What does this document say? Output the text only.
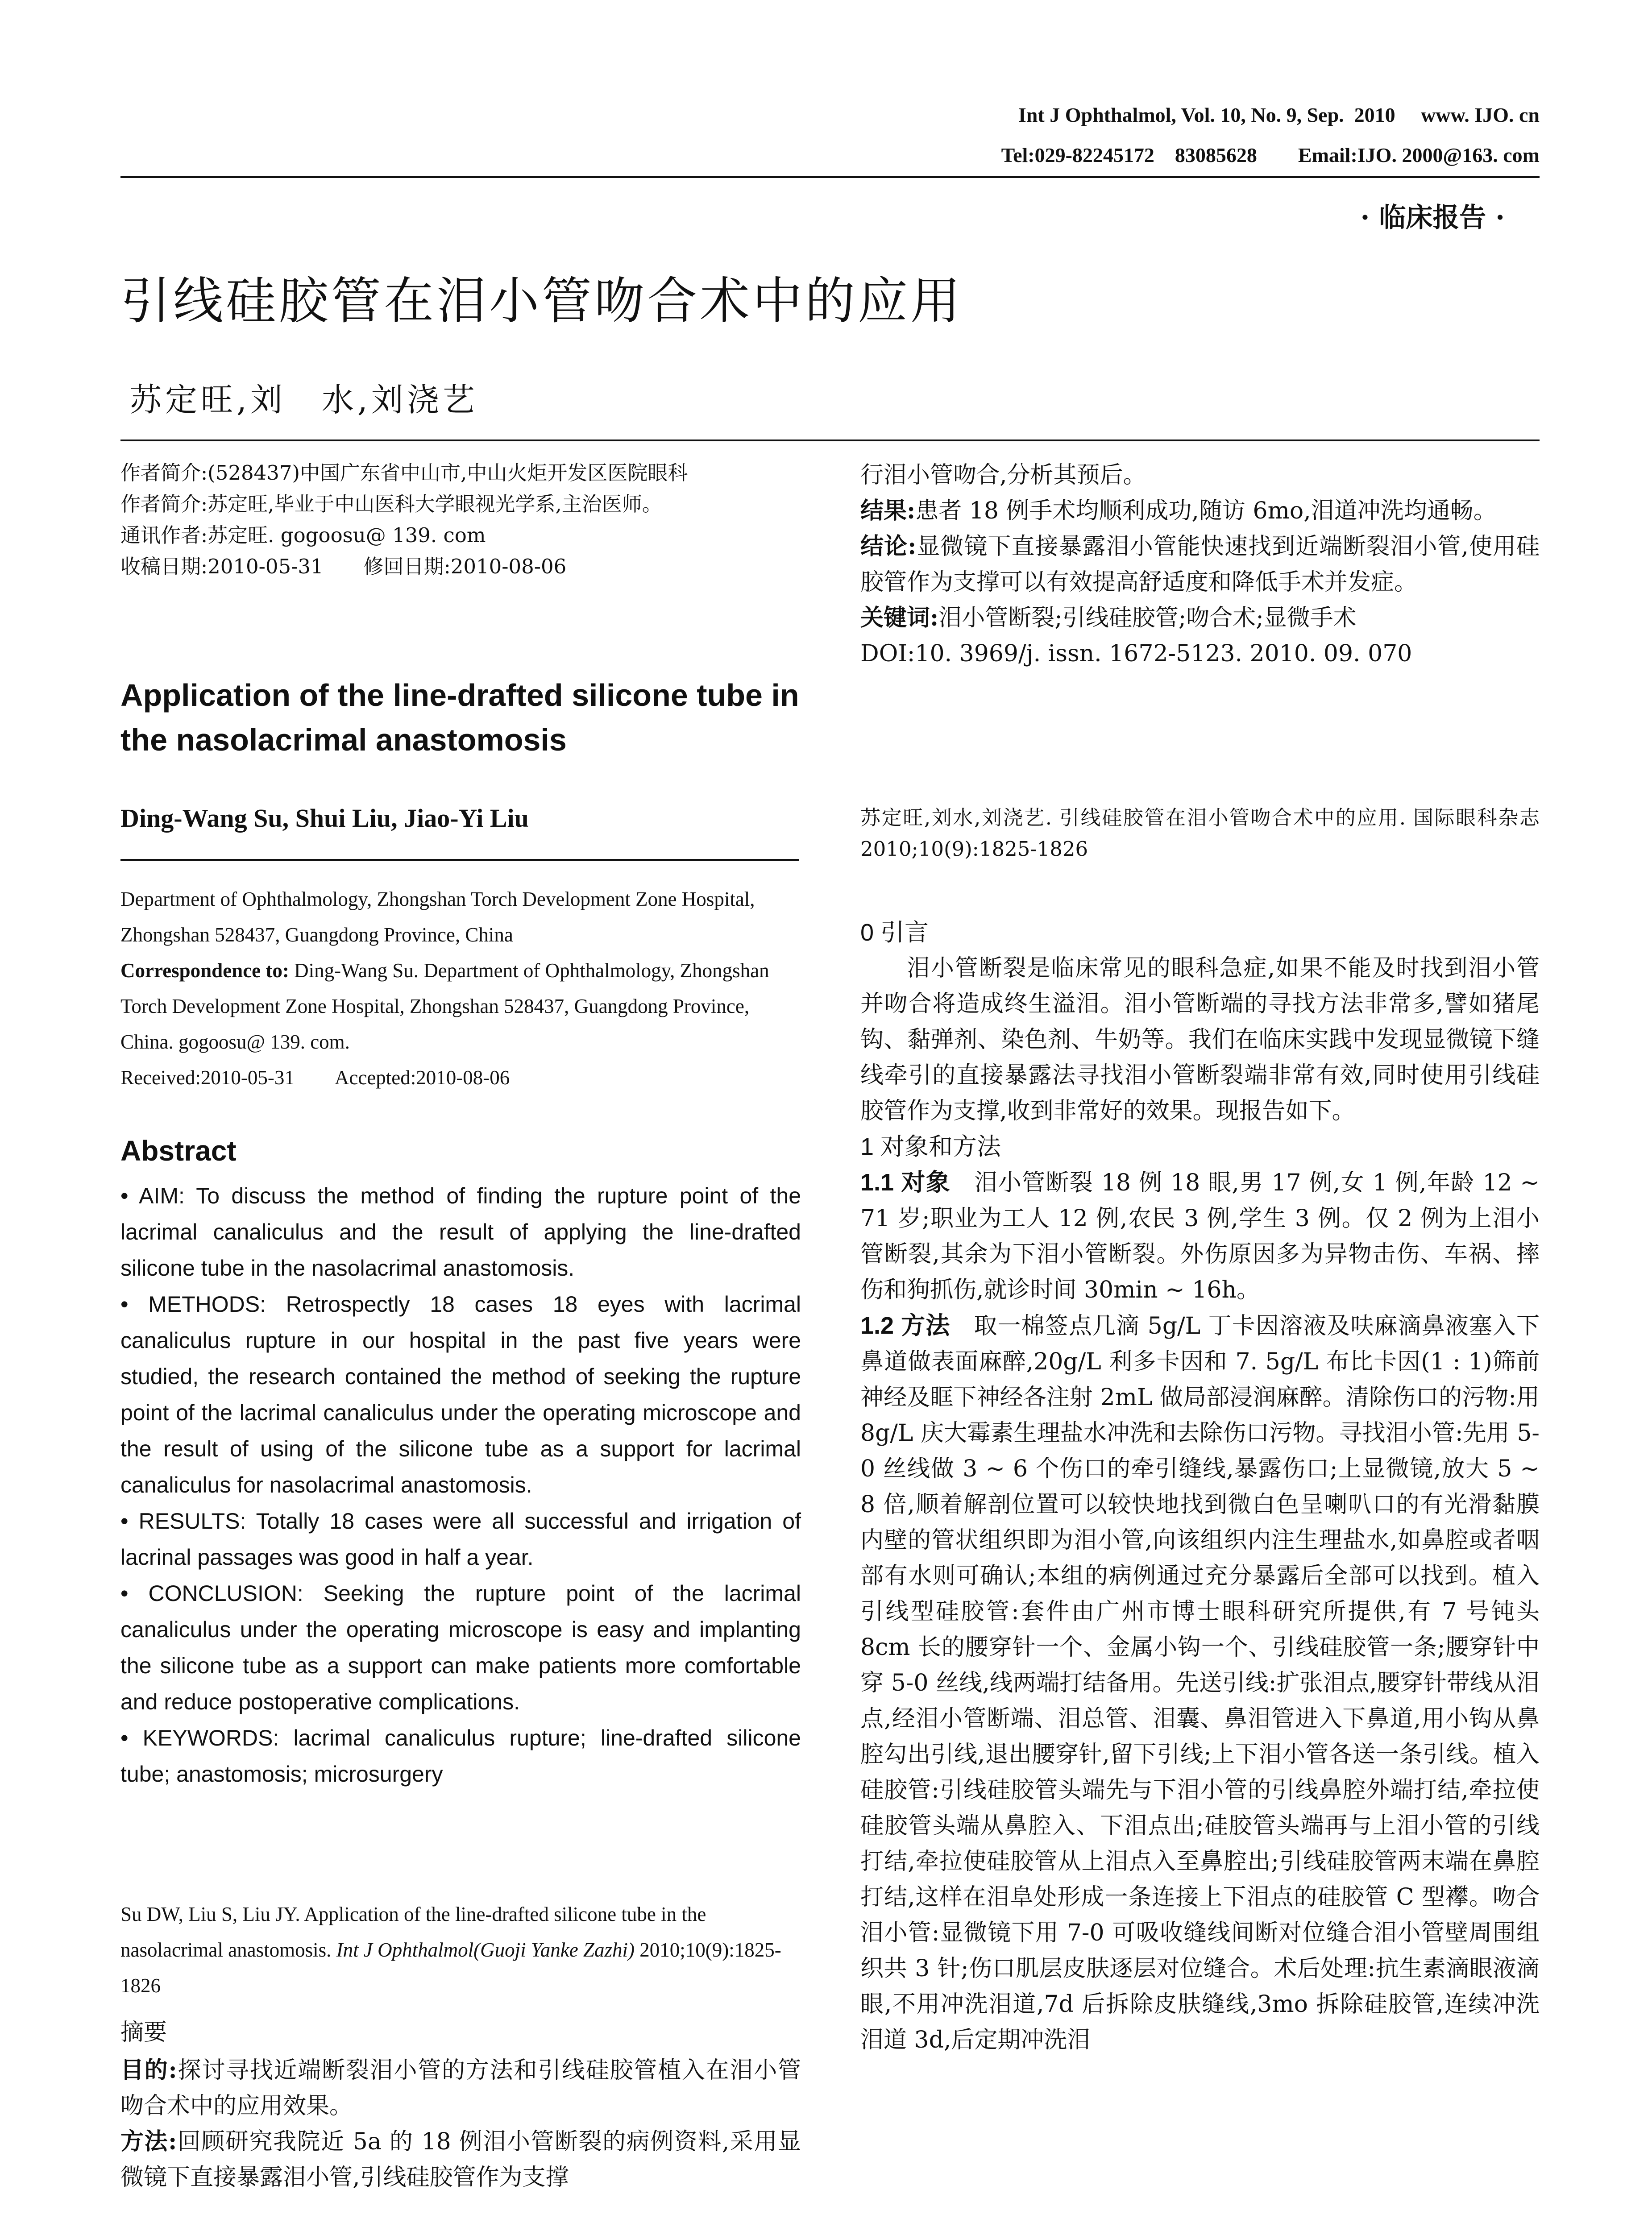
Int J Ophthalmol, Vol. 10, No. 9, Sep.  2010     www. IJO. cn
Tel:029-82245172    83085628        Email:IJO. 2000@163. com
· 临床报告 ·
引线硅胶管在泪小管吻合术中的应用
苏定旺,刘　水,刘浇艺

作者简介:(528437)中国广东省中山市,中山火炬开发区医院眼科

作者简介:苏定旺,毕业于中山医科大学眼视光学系,主治医师。

通讯作者:苏定旺. gogoosu@ 139. com

收稿日期:2010-05-31　　修回日期:2010-08-06

Application of the line-drafted silicone tube in the nasolacrimal anastomosis
Ding-Wang Su, Shui Liu, Jiao-Yi Liu

Department of Ophthalmology, Zhongshan Torch Development Zone Hospital, Zhongshan 528437, Guangdong Province, China

Correspondence to: Ding-Wang Su. Department of Ophthalmology, Zhongshan Torch Development Zone Hospital, Zhongshan 528437, Guangdong Province, China. gogoosu@ 139. com.

Received:2010-05-31　　Accepted:2010-08-06

Abstract

• AIM: To discuss the method of finding the rupture point of the lacrimal canaliculus and the result of applying the line-drafted silicone tube in the nasolacrimal anastomosis.

• METHODS: Retrospectly 18 cases 18 eyes with lacrimal canaliculus rupture in our hospital in the past five years were studied, the research contained the method of seeking the rupture point of the lacrimal canaliculus under the operating microscope and the result of using of the silicone tube as a support for lacrimal canaliculus for nasolacrimal anastomosis.

• RESULTS: Totally 18 cases were all successful and irrigation of lacrinal passages was good in half a year.

• CONCLUSION: Seeking the rupture point of the lacrimal canaliculus under the operating microscope is easy and implanting the silicone tube as a support can make patients more comfortable and reduce postoperative complications.

• KEYWORDS: lacrimal canaliculus rupture; line-drafted silicone tube; anastomosis; microsurgery

Su DW, Liu S, Liu JY. Application of the line-drafted silicone tube in the nasolacrimal anastomosis. Int J Ophthalmol(Guoji Yanke Zazhi) 2010;10(9):1825-1826
摘要

目的:探讨寻找近端断裂泪小管的方法和引线硅胶管植入在泪小管吻合术中的应用效果。

方法:回顾研究我院近 5a 的 18 例泪小管断裂的病例资料,采用显微镜下直接暴露泪小管,引线硅胶管作为支撑

行泪小管吻合,分析其预后。

结果:患者 18 例手术均顺利成功,随访 6mo,泪道冲洗均通畅。

结论:显微镜下直接暴露泪小管能快速找到近端断裂泪小管,使用硅胶管作为支撑可以有效提高舒适度和降低手术并发症。

关键词:泪小管断裂;引线硅胶管;吻合术;显微手术

DOI:10. 3969/j. issn. 1672-5123. 2010. 09. 070

苏定旺,刘水,刘浇艺. 引线硅胶管在泪小管吻合术中的应用. 国际眼科杂志 2010;10(9):1825-1826
0 引言

泪小管断裂是临床常见的眼科急症,如果不能及时找到泪小管并吻合将造成终生溢泪。泪小管断端的寻找方法非常多,譬如猪尾钩、黏弹剂、染色剂、牛奶等。我们在临床实践中发现显微镜下缝线牵引的直接暴露法寻找泪小管断裂端非常有效,同时使用引线硅胶管作为支撑,收到非常好的效果。现报告如下。

1 对象和方法

1.1 对象　泪小管断裂 18 例 18 眼,男 17 例,女 1 例,年龄 12 ~ 71 岁;职业为工人 12 例,农民 3 例,学生 3 例。仅 2 例为上泪小管断裂,其余为下泪小管断裂。外伤原因多为异物击伤、车祸、摔伤和狗抓伤,就诊时间 30min ~ 16h。

1.2 方法　取一棉签点几滴 5g/L 丁卡因溶液及呋麻滴鼻液塞入下鼻道做表面麻醉,20g/L 利多卡因和 7. 5g/L 布比卡因(1 : 1)筛前神经及眶下神经各注射 2mL 做局部浸润麻醉。清除伤口的污物:用 8g/L 庆大霉素生理盐水冲洗和去除伤口污物。寻找泪小管:先用 5-0 丝线做 3 ~ 6 个伤口的牵引缝线,暴露伤口;上显微镜,放大 5 ~ 8 倍,顺着解剖位置可以较快地找到微白色呈喇叭口的有光滑黏膜内壁的管状组织即为泪小管,向该组织内注生理盐水,如鼻腔或者咽部有水则可确认;本组的病例通过充分暴露后全部可以找到。植入引线型硅胶管:套件由广州市博士眼科研究所提供,有 7 号钝头 8cm 长的腰穿针一个、金属小钩一个、引线硅胶管一条;腰穿针中穿 5-0 丝线,线两端打结备用。先送引线:扩张泪点,腰穿针带线从泪点,经泪小管断端、泪总管、泪囊、鼻泪管进入下鼻道,用小钩从鼻腔勾出引线,退出腰穿针,留下引线;上下泪小管各送一条引线。植入硅胶管:引线硅胶管头端先与下泪小管的引线鼻腔外端打结,牵拉使硅胶管头端从鼻腔入、下泪点出;硅胶管头端再与上泪小管的引线打结,牵拉使硅胶管从上泪点入至鼻腔出;引线硅胶管两末端在鼻腔打结,这样在泪阜处形成一条连接上下泪点的硅胶管 C 型襻。吻合泪小管:显微镜下用 7-0 可吸收缝线间断对位缝合泪小管壁周围组织共 3 针;伤口肌层皮肤逐层对位缝合。术后处理:抗生素滴眼液滴眼,不用冲洗泪道,7d 后拆除皮肤缝线,3mo 拆除硅胶管,连续冲洗泪道 3d,后定期冲洗泪
